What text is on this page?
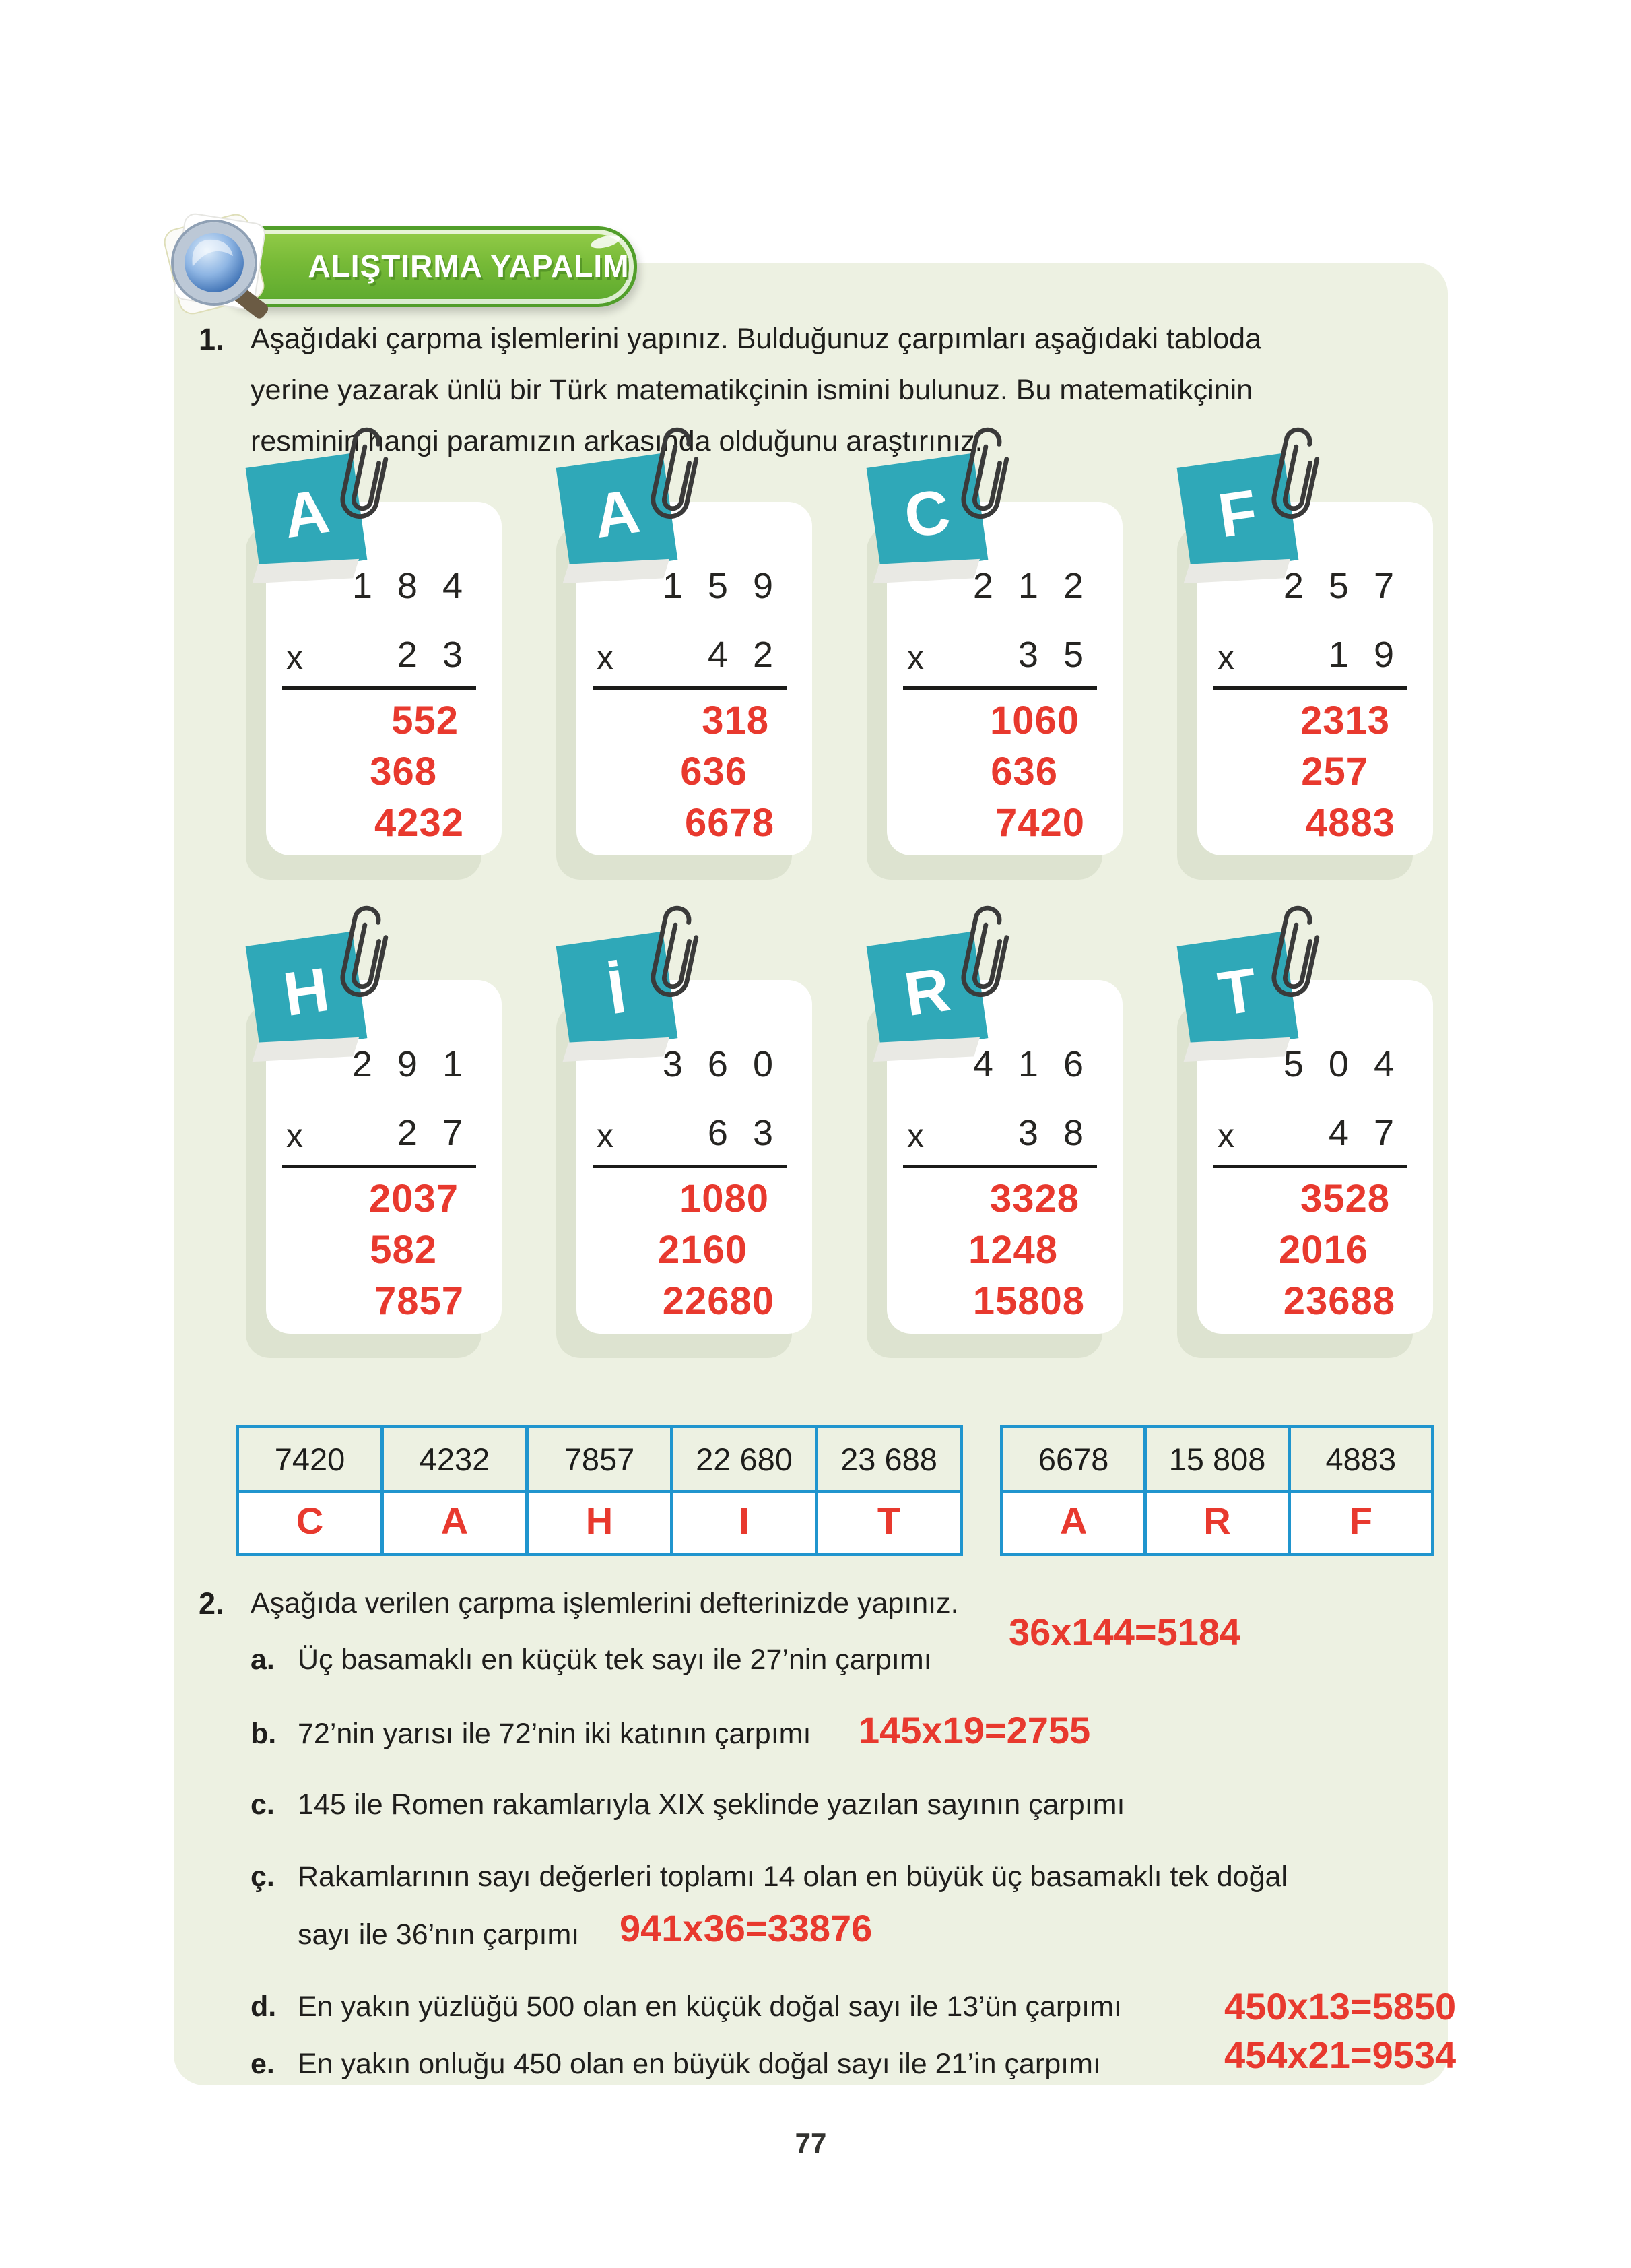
ALIŞTIRMA YAPALIM
1. Aşağıdaki çarpma işlemlerini yapınız. Bulduğunuz çarpımları aşağıdaki tabloda
yerine yazarak ünlü bir Türk matematikçinin ismini bulunuz. Bu matematikçinin
resminin hangi paramızın arkasında olduğunu araştırınız.
A
1 8 4
x	2 3
552
368
4232
A
1 5 9
x	4 2
318
636
6678
C
2 1 2
x	3 5
1060
636
7420
F
2 5 7
x	1 9
2313
257
4883
H
2 9 1
x	2 7
2037
582
7857
İ
3 6 0
x	6 3
1080
2160
22680
R
4 1 6
x	3 8
3328
1248
15808
T
5 0 4
x	4 7
3528
2016
23688
7420	4232	7857	22 680	23 688
C	A	H	I	T
6678	15 808	4883
A	R	F
2. Aşağıda verilen çarpma işlemlerini defterinizde yapınız.
a. Üç basamaklı en küçük tek sayı ile 27’nin çarpımı
36x144=5184
b. 72’nin yarısı ile 72’nin iki katının çarpımı 145x19=2755
c. 145 ile Romen rakamlarıyla XIX şeklinde yazılan sayının çarpımı
ç. Rakamlarının sayı değerleri toplamı 14 olan en büyük üç basamaklı tek doğal
sayı ile 36’nın çarpımı 941x36=33876
d. En yakın yüzlüğü 500 olan en küçük doğal sayı ile 13’ün çarpımı	450x13=5850
e. En yakın onluğu 450 olan en büyük doğal sayı ile 21’in çarpımı	454x21=9534
77
